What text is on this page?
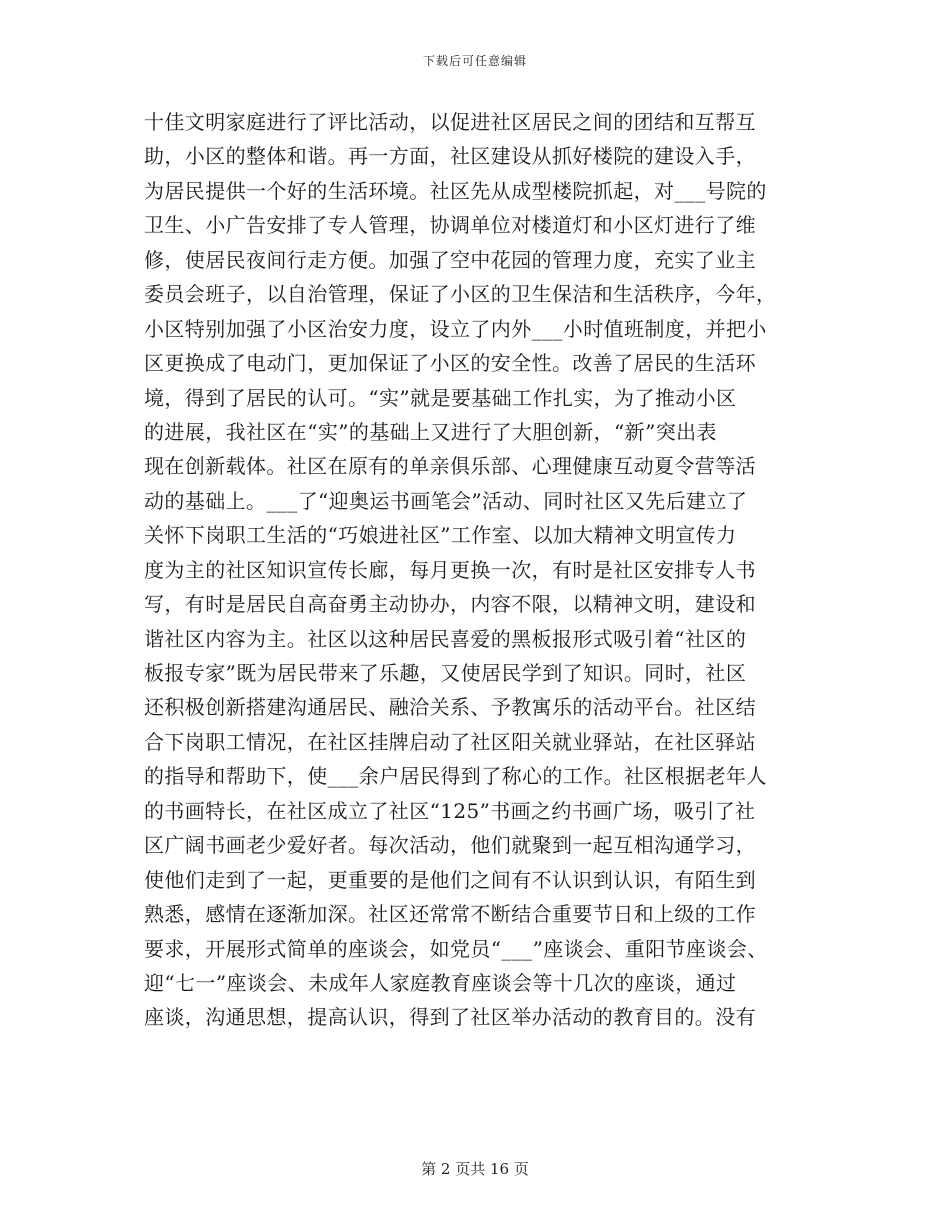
下载后可任意编辑
十佳文明家庭进行了评比活动，以促进社区居民之间的团结和互帮互
助，小区的整体和谐。再一方面，社区建设从抓好楼院的建设入手，
为居民提供一个好的生活环境。社区先从成型楼院抓起，对___号院的
卫生、小广告安排了专人管理，协调单位对楼道灯和小区灯进行了维
修，使居民夜间行走方便。加强了空中花园的管理力度，充实了业主
委员会班子，以自治管理，保证了小区的卫生保洁和生活秩序，今年，
小区特别加强了小区治安力度，设立了内外___小时值班制度，并把小
区更换成了电动门，更加保证了小区的安全性。改善了居民的生活环
境，得到了居民的认可。“实”就是要基础工作扎实，为了推动小区
的进展，我社区在“实”的基础上又进行了大胆创新，“新”突出表
现在创新载体。社区在原有的单亲俱乐部、心理健康互动夏令营等活
动的基础上。___了“迎奥运书画笔会”活动、同时社区又先后建立了
关怀下岗职工生活的“巧娘进社区”工作室、以加大精神文明宣传力
度为主的社区知识宣传长廊，每月更换一次，有时是社区安排专人书
写，有时是居民自高奋勇主动协办，内容不限，以精神文明，建设和
谐社区内容为主。社区以这种居民喜爱的黑板报形式吸引着“社区的
板报专家”既为居民带来了乐趣，又使居民学到了知识。同时，社区
还积极创新搭建沟通居民、融洽关系、予教寓乐的活动平台。社区结
合下岗职工情况，在社区挂牌启动了社区阳关就业驿站，在社区驿站
的指导和帮助下，使___余户居民得到了称心的工作。社区根据老年人
的书画特长，在社区成立了社区“125”书画之约书画广场，吸引了社
区广阔书画老少爱好者。每次活动，他们就聚到一起互相沟通学习，
使他们走到了一起，更重要的是他们之间有不认识到认识，有陌生到
熟悉，感情在逐渐加深。社区还常常不断结合重要节日和上级的工作
要求，开展形式简单的座谈会，如党员“___”座谈会、重阳节座谈会、
迎“七一”座谈会、未成年人家庭教育座谈会等十几次的座谈，通过
座谈，沟通思想，提高认识，得到了社区举办活动的教育目的。没有
第 2 页共 16 页
